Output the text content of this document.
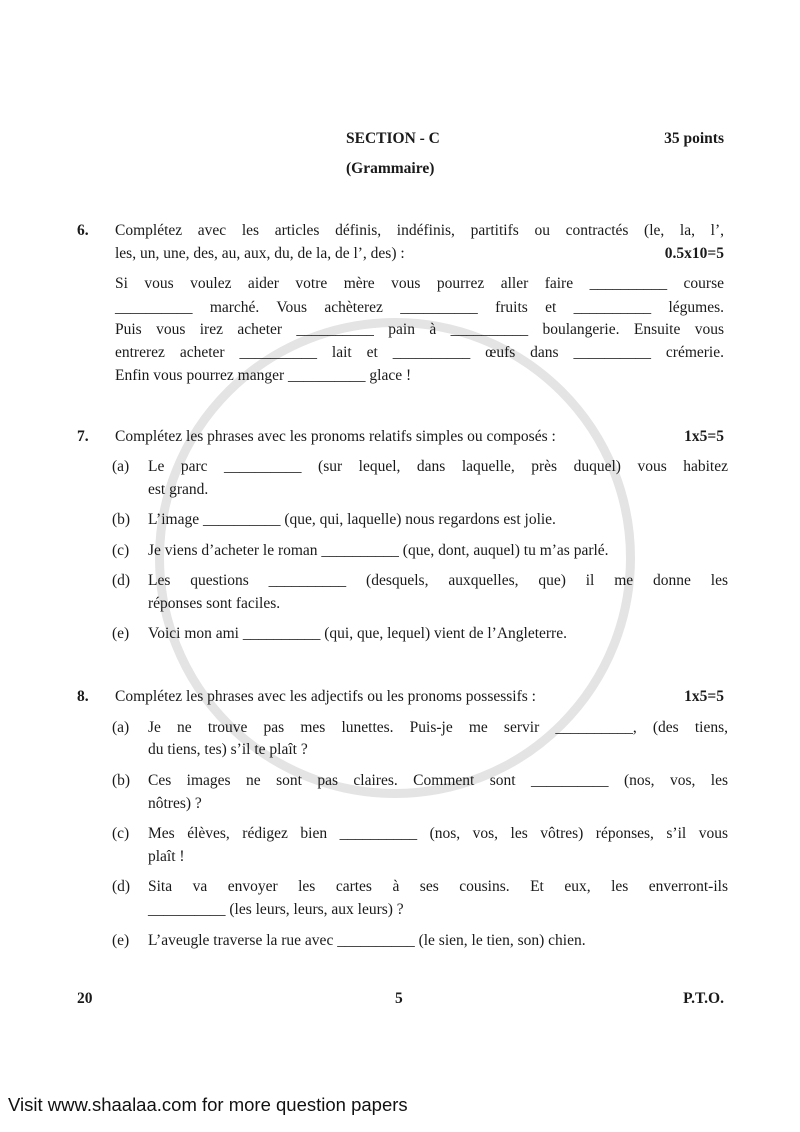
SECTION - C	35 points
(Grammaire)
6. Complétez avec les articles définis, indéfinis, partitifs ou contractés (le, la, l’,
les, un, une, des, au, aux, du, de la, de l’, des) :	0.5x10=5
Si vous voulez aider votre mère vous pourrez aller faire __________ course
__________ marché. Vous achèterez __________ fruits et __________ légumes.
Puis vous irez acheter __________ pain à __________ boulangerie. Ensuite vous
entrerez acheter __________ lait et __________ œufs dans __________ crémerie.
Enfin vous pourrez manger __________ glace !
7. Complétez les phrases avec les pronoms relatifs simples ou composés :	1x5=5
(a) Le parc __________ (sur lequel, dans laquelle, près duquel) vous habitez
est grand.
(b) L’image __________ (que, qui, laquelle) nous regardons est jolie.
(c) Je viens d’acheter le roman __________ (que, dont, auquel) tu m’as parlé.
(d) Les questions __________ (desquels, auxquelles, que) il me donne les
réponses sont faciles.
(e) Voici mon ami __________ (qui, que, lequel) vient de l’Angleterre.
8. Complétez les phrases avec les adjectifs ou les pronoms possessifs :	1x5=5
(a) Je ne trouve pas mes lunettes. Puis-je me servir __________, (des tiens,
du tiens, tes) s’il te plaît ?
(b) Ces images ne sont pas claires. Comment sont __________ (nos, vos, les
nôtres) ?
(c) Mes élèves, rédigez bien __________ (nos, vos, les vôtres) réponses, s’il vous
plaît !
(d) Sita va envoyer les cartes à ses cousins. Et eux, les enverront-ils
__________ (les leurs, leurs, aux leurs) ?
(e) L’aveugle traverse la rue avec __________ (le sien, le tien, son) chien.
20	5	P.T.O.
Visit www.shaalaa.com for more question papers
